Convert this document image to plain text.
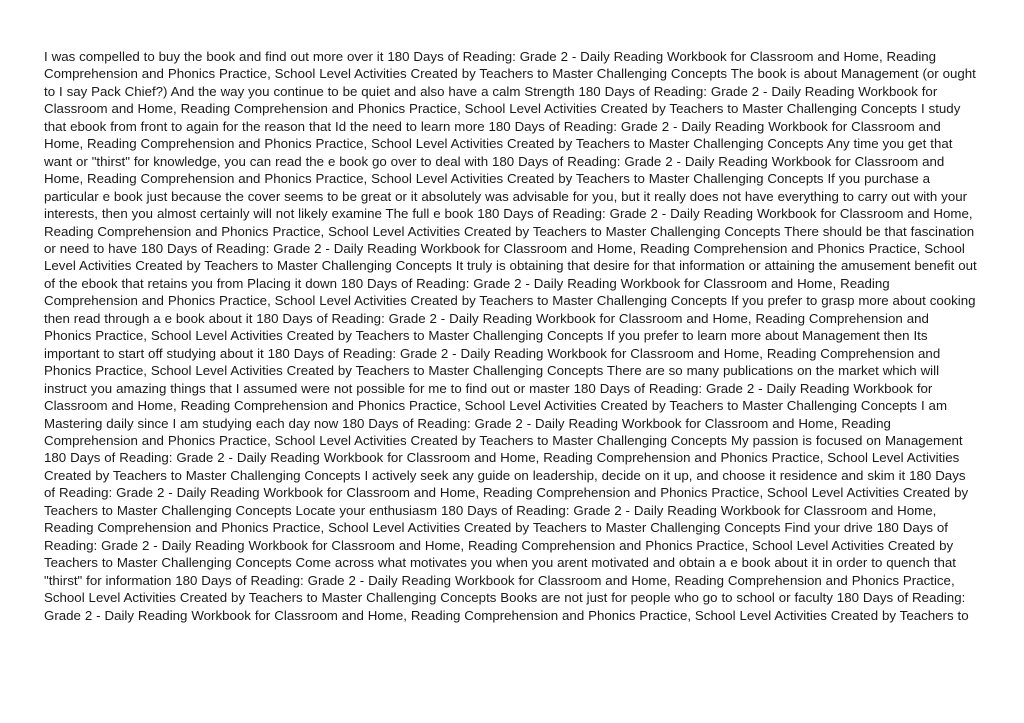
I was compelled to buy the book and find out more over it 180 Days of Reading: Grade 2 - Daily Reading Workbook for Classroom and Home, Reading Comprehension and Phonics Practice, School Level Activities Created by Teachers to Master Challenging Concepts The book is about Management (or ought to I say Pack Chief?) And the way you continue to be quiet and also have a calm Strength 180 Days of Reading: Grade 2 - Daily Reading Workbook for Classroom and Home, Reading Comprehension and Phonics Practice, School Level Activities Created by Teachers to Master Challenging Concepts I study that ebook from front to again for the reason that Id the need to learn more 180 Days of Reading: Grade 2 - Daily Reading Workbook for Classroom and Home, Reading Comprehension and Phonics Practice, School Level Activities Created by Teachers to Master Challenging Concepts Any time you get that want or "thirst" for knowledge, you can read the e book go over to deal with 180 Days of Reading: Grade 2 - Daily Reading Workbook for Classroom and Home, Reading Comprehension and Phonics Practice, School Level Activities Created by Teachers to Master Challenging Concepts If you purchase a particular e book just because the cover seems to be great or it absolutely was advisable for you, but it really does not have everything to carry out with your interests, then you almost certainly will not likely examine The full e book 180 Days of Reading: Grade 2 - Daily Reading Workbook for Classroom and Home, Reading Comprehension and Phonics Practice, School Level Activities Created by Teachers to Master Challenging Concepts There should be that fascination or need to have 180 Days of Reading: Grade 2 - Daily Reading Workbook for Classroom and Home, Reading Comprehension and Phonics Practice, School Level Activities Created by Teachers to Master Challenging Concepts It truly is obtaining that desire for that information or attaining the amusement benefit out of the ebook that retains you from Placing it down 180 Days of Reading: Grade 2 - Daily Reading Workbook for Classroom and Home, Reading Comprehension and Phonics Practice, School Level Activities Created by Teachers to Master Challenging Concepts If you prefer to grasp more about cooking then read through a e book about it 180 Days of Reading: Grade 2 - Daily Reading Workbook for Classroom and Home, Reading Comprehension and Phonics Practice, School Level Activities Created by Teachers to Master Challenging Concepts If you prefer to learn more about Management then Its important to start off studying about it 180 Days of Reading: Grade 2 - Daily Reading Workbook for Classroom and Home, Reading Comprehension and Phonics Practice, School Level Activities Created by Teachers to Master Challenging Concepts There are so many publications on the market which will instruct you amazing things that I assumed were not possible for me to find out or master 180 Days of Reading: Grade 2 - Daily Reading Workbook for Classroom and Home, Reading Comprehension and Phonics Practice, School Level Activities Created by Teachers to Master Challenging Concepts I am Mastering daily since I am studying each day now 180 Days of Reading: Grade 2 - Daily Reading Workbook for Classroom and Home, Reading Comprehension and Phonics Practice, School Level Activities Created by Teachers to Master Challenging Concepts My passion is focused on Management 180 Days of Reading: Grade 2 - Daily Reading Workbook for Classroom and Home, Reading Comprehension and Phonics Practice, School Level Activities Created by Teachers to Master Challenging Concepts I actively seek any guide on leadership, decide on it up, and choose it residence and skim it 180 Days of Reading: Grade 2 - Daily Reading Workbook for Classroom and Home, Reading Comprehension and Phonics Practice, School Level Activities Created by Teachers to Master Challenging Concepts Locate your enthusiasm 180 Days of Reading: Grade 2 - Daily Reading Workbook for Classroom and Home, Reading Comprehension and Phonics Practice, School Level Activities Created by Teachers to Master Challenging Concepts Find your drive 180 Days of Reading: Grade 2 - Daily Reading Workbook for Classroom and Home, Reading Comprehension and Phonics Practice, School Level Activities Created by Teachers to Master Challenging Concepts Come across what motivates you when you arent motivated and obtain a e book about it in order to quench that "thirst" for information 180 Days of Reading: Grade 2 - Daily Reading Workbook for Classroom and Home, Reading Comprehension and Phonics Practice, School Level Activities Created by Teachers to Master Challenging Concepts Books are not just for people who go to school or faculty 180 Days of Reading: Grade 2 - Daily Reading Workbook for Classroom and Home, Reading Comprehension and Phonics Practice, School Level Activities Created by Teachers to
